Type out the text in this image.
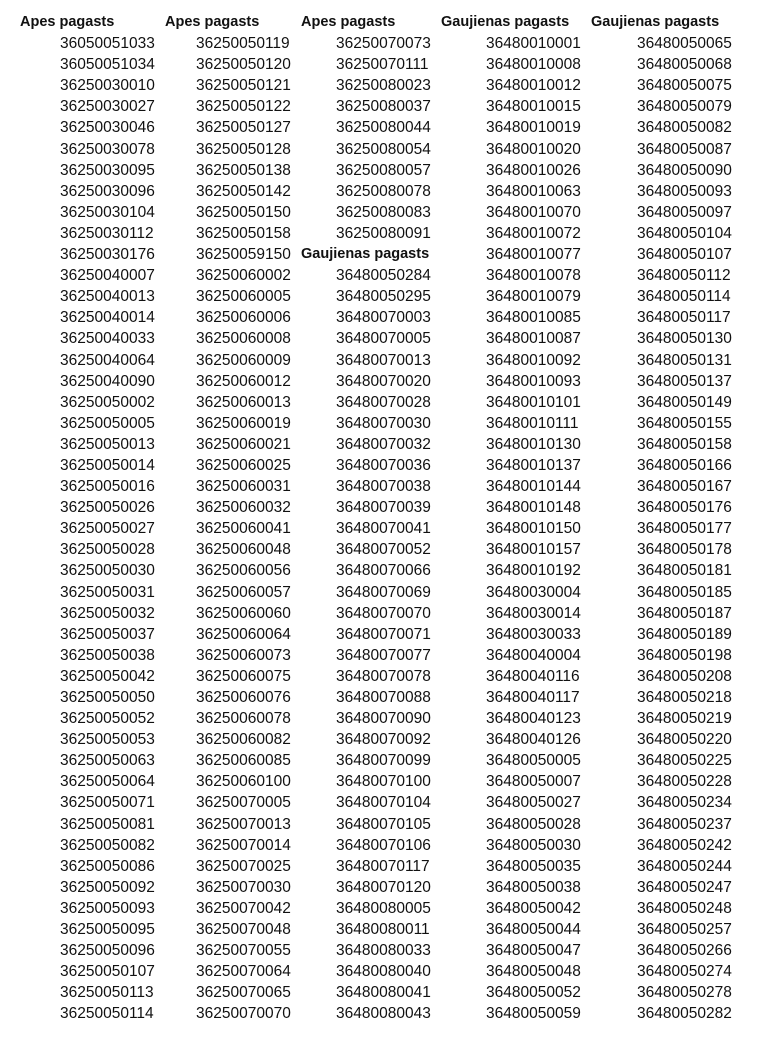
Apes pagasts
36050051033
36050051034
36250030010
36250030027
36250030046
36250030078
36250030095
36250030096
36250030104
36250030112
36250030176
36250040007
36250040013
36250040014
36250040033
36250040064
36250040090
36250050002
36250050005
36250050013
36250050014
36250050016
36250050026
36250050027
36250050028
36250050030
36250050031
36250050032
36250050037
36250050038
36250050042
36250050050
36250050052
36250050053
36250050063
36250050064
36250050071
36250050081
36250050082
36250050086
36250050092
36250050093
36250050095
36250050096
36250050107
36250050113
36250050114
Apes pagasts
36250050119
36250050120
36250050121
36250050122
36250050127
36250050128
36250050138
36250050142
36250050150
36250050158
36250059150
36250060002
36250060005
36250060006
36250060008
36250060009
36250060012
36250060013
36250060019
36250060021
36250060025
36250060031
36250060032
36250060041
36250060048
36250060056
36250060057
36250060060
36250060064
36250060073
36250060075
36250060076
36250060078
36250060082
36250060085
36250060100
36250070005
36250070013
36250070014
36250070025
36250070030
36250070042
36250070048
36250070055
36250070064
36250070065
36250070070
Apes pagasts
36250070073
36250070111
36250080023
36250080037
36250080044
36250080054
36250080057
36250080078
36250080083
36250080091
Gaujienas pagasts
36480050284
36480050295
36480070003
36480070005
36480070013
36480070020
36480070028
36480070030
36480070032
36480070036
36480070038
36480070039
36480070041
36480070052
36480070066
36480070069
36480070070
36480070071
36480070077
36480070078
36480070088
36480070090
36480070092
36480070099
36480070100
36480070104
36480070105
36480070106
36480070117
36480070120
36480080005
36480080011
36480080033
36480080040
36480080041
36480080043
Gaujienas pagasts
36480010001
36480010008
36480010012
36480010015
36480010019
36480010020
36480010026
36480010063
36480010070
36480010072
36480010077
36480010078
36480010079
36480010085
36480010087
36480010092
36480010093
36480010101
36480010111
36480010130
36480010137
36480010144
36480010148
36480010150
36480010157
36480010192
36480030004
36480030014
36480030033
36480040004
36480040116
36480040117
36480040123
36480040126
36480050005
36480050007
36480050027
36480050028
36480050030
36480050035
36480050038
36480050042
36480050044
36480050047
36480050048
36480050052
36480050059
Gaujienas pagasts
36480050065
36480050068
36480050075
36480050079
36480050082
36480050087
36480050090
36480050093
36480050097
36480050104
36480050107
36480050112
36480050114
36480050117
36480050130
36480050131
36480050137
36480050149
36480050155
36480050158
36480050166
36480050167
36480050176
36480050177
36480050178
36480050181
36480050185
36480050187
36480050189
36480050198
36480050208
36480050218
36480050219
36480050220
36480050225
36480050228
36480050234
36480050237
36480050242
36480050244
36480050247
36480050248
36480050257
36480050266
36480050274
36480050278
36480050282
